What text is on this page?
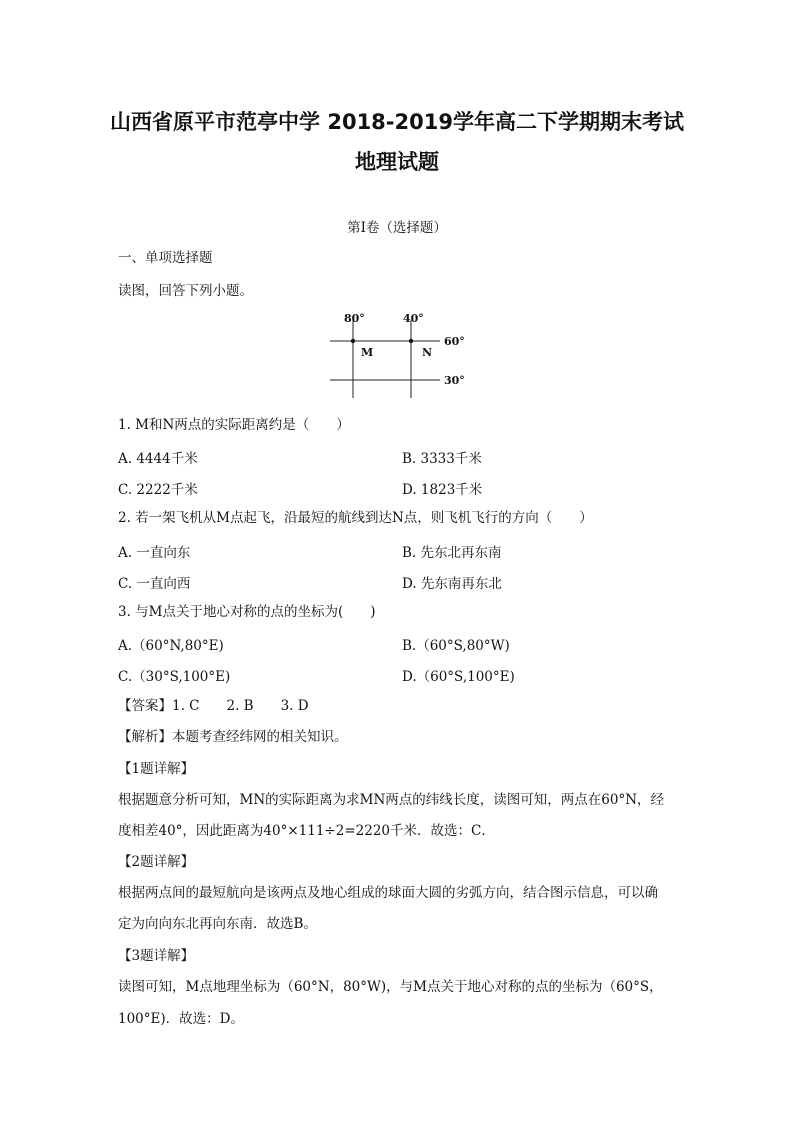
山西省原平市范亭中学 2018-2019学年高二下学期期末考试
地理试题
第I卷（选择题）
一、单项选择题
读图，回答下列小题。
80°	40°
60°
30°
M	N
1. M和N两点的实际距离约是（　　）
A. 4444千米	B. 3333千米
C. 2222千米	D. 1823千米
2. 若一架飞机从M点起飞，沿最短的航线到达N点，则飞机飞行的方向（　　）
A. 一直向东	B. 先东北再东南
C. 一直向西	D. 先东南再东北
3. 与M点关于地心对称的点的坐标为(　　)
A.（60°N,80°E)	B.（60°S,80°W)
C.（30°S,100°E)	D.（60°S,100°E)
【答案】1. C　　2. B　　3. D
【解析】本题考查经纬网的相关知识。
【1题详解】
根据题意分析可知，MN的实际距离为求MN两点的纬线长度，读图可知，两点在60°N，经
度相差40°，因此距离为40°×111÷2=2220千米．故选：C．
【2题详解】
根据两点间的最短航向是该两点及地心组成的球面大圆的劣弧方向，结合图示信息，可以确
定为向向东北再向东南．故选B。
【3题详解】
读图可知，M点地理坐标为（60°N，80°W)，与M点关于地心对称的点的坐标为（60°S，
100°E)．故选：D。
